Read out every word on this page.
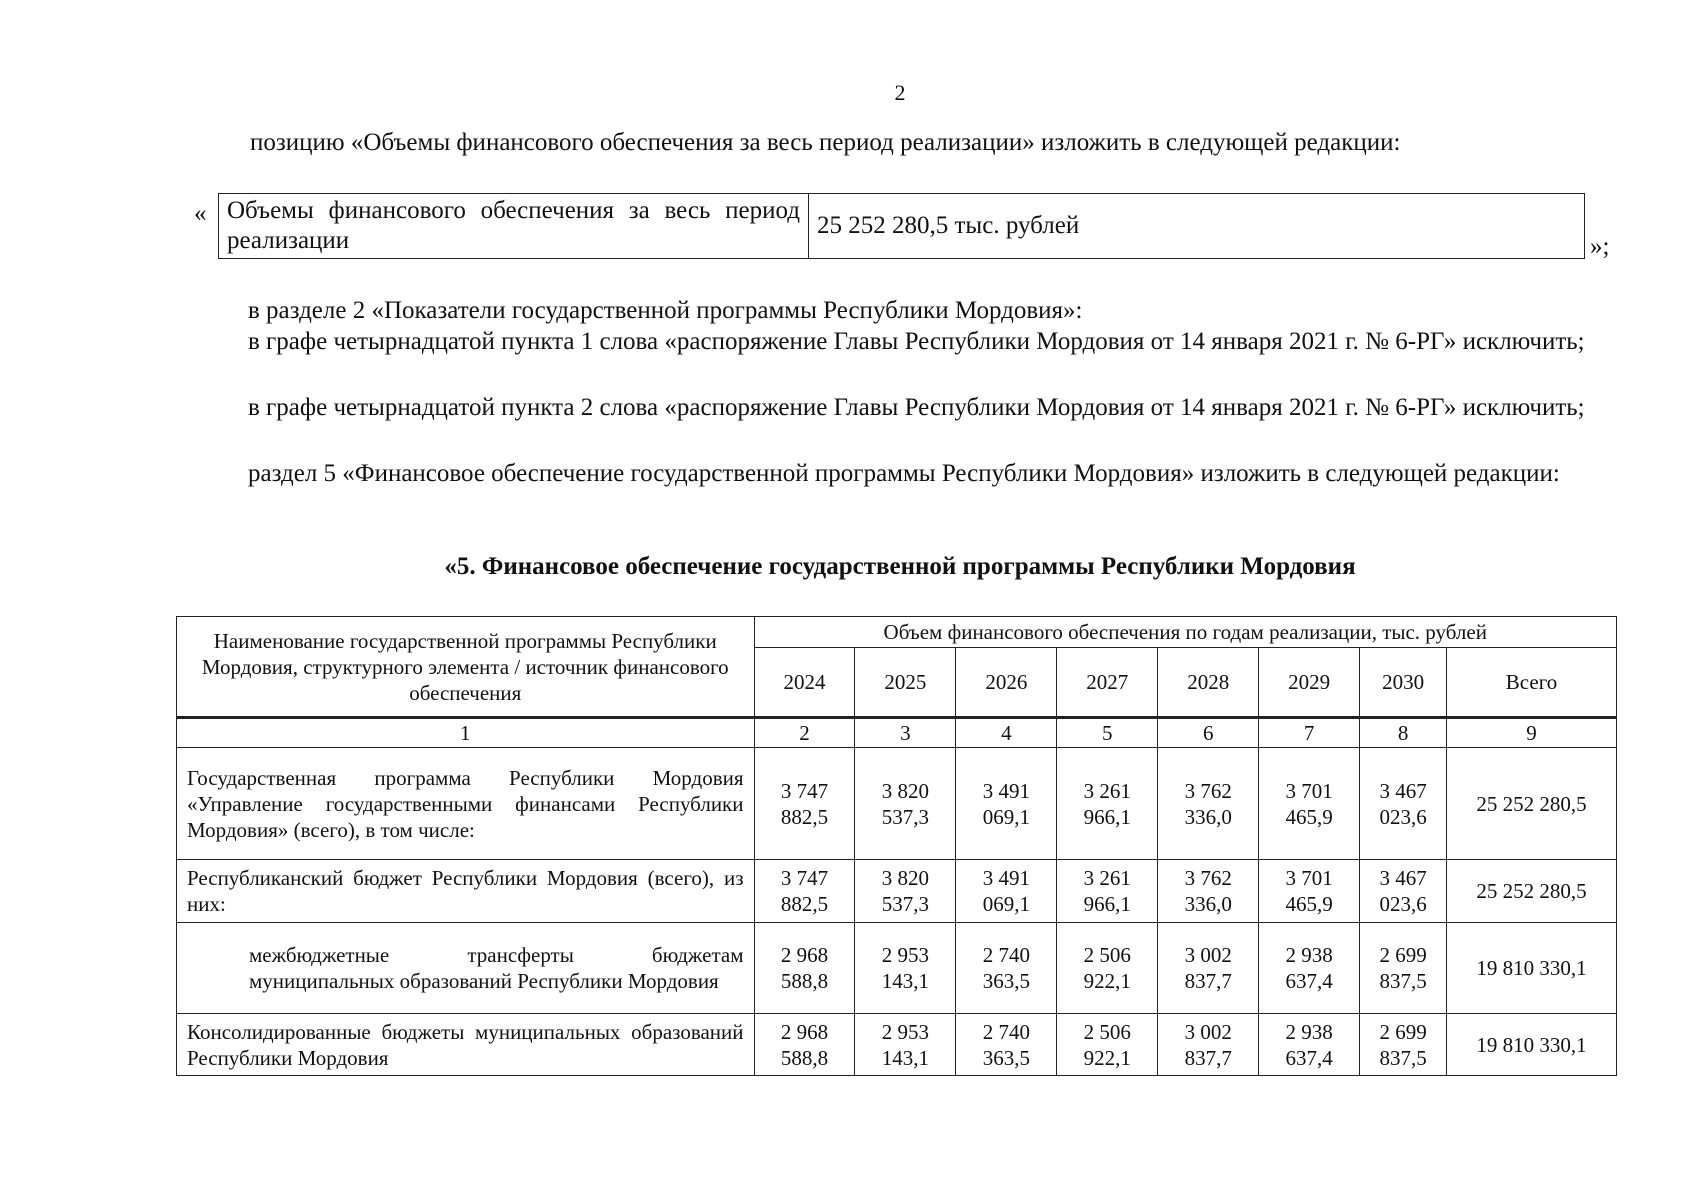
2
позицию «Объемы финансового обеспечения за весь период реализации» изложить в следующей редакции:
« Объемы финансового обеспечения за весь период реализации	25 252 280,5 тыс. рублей
»;
в разделе 2 «Показатели государственной программы Республики Мордовия»:
в графе четырнадцатой пункта 1 слова «распоряжение Главы Республики Мордовия от 14 января 2021 г. № 6-РГ» исключить;
в графе четырнадцатой пункта 2 слова «распоряжение Главы Республики Мордовия от 14 января 2021 г. № 6-РГ» исключить;
раздел 5 «Финансовое обеспечение государственной программы Республики Мордовия» изложить в следующей редакции:
«5. Финансовое обеспечение государственной программы Республики Мордовия
Наименование государственной программы Республики Мордовия, структурного элемента / источник финансового обеспечения	Объем финансового обеспечения по годам реализации, тыс. рублей							
	2024	2025	2026	2027	2028	2029	2030	Всего
1	2	3	4	5	6	7	8	9
Государственная программа Республики Мордовия «Управление государственными финансами Республики Мордовия» (всего), в том числе:	3 747 882,5	3 820 537,3	3 491 069,1	3 261 966,1	3 762 336,0	3 701 465,9	3 467 023,6	25 252 280,5
Республиканский бюджет Республики Мордовия (всего), из них:	3 747 882,5	3 820 537,3	3 491 069,1	3 261 966,1	3 762 336,0	3 701 465,9	3 467 023,6	25 252 280,5
межбюджетные трансферты бюджетам муниципальных образований Республики Мордовия	2 968 588,8	2 953 143,1	2 740 363,5	2 506 922,1	3 002 837,7	2 938 637,4	2 699 837,5	19 810 330,1
Консолидированные бюджеты муниципальных образований Республики Мордовия	2 968 588,8	2 953 143,1	2 740 363,5	2 506 922,1	3 002 837,7	2 938 637,4	2 699 837,5	19 810 330,1
